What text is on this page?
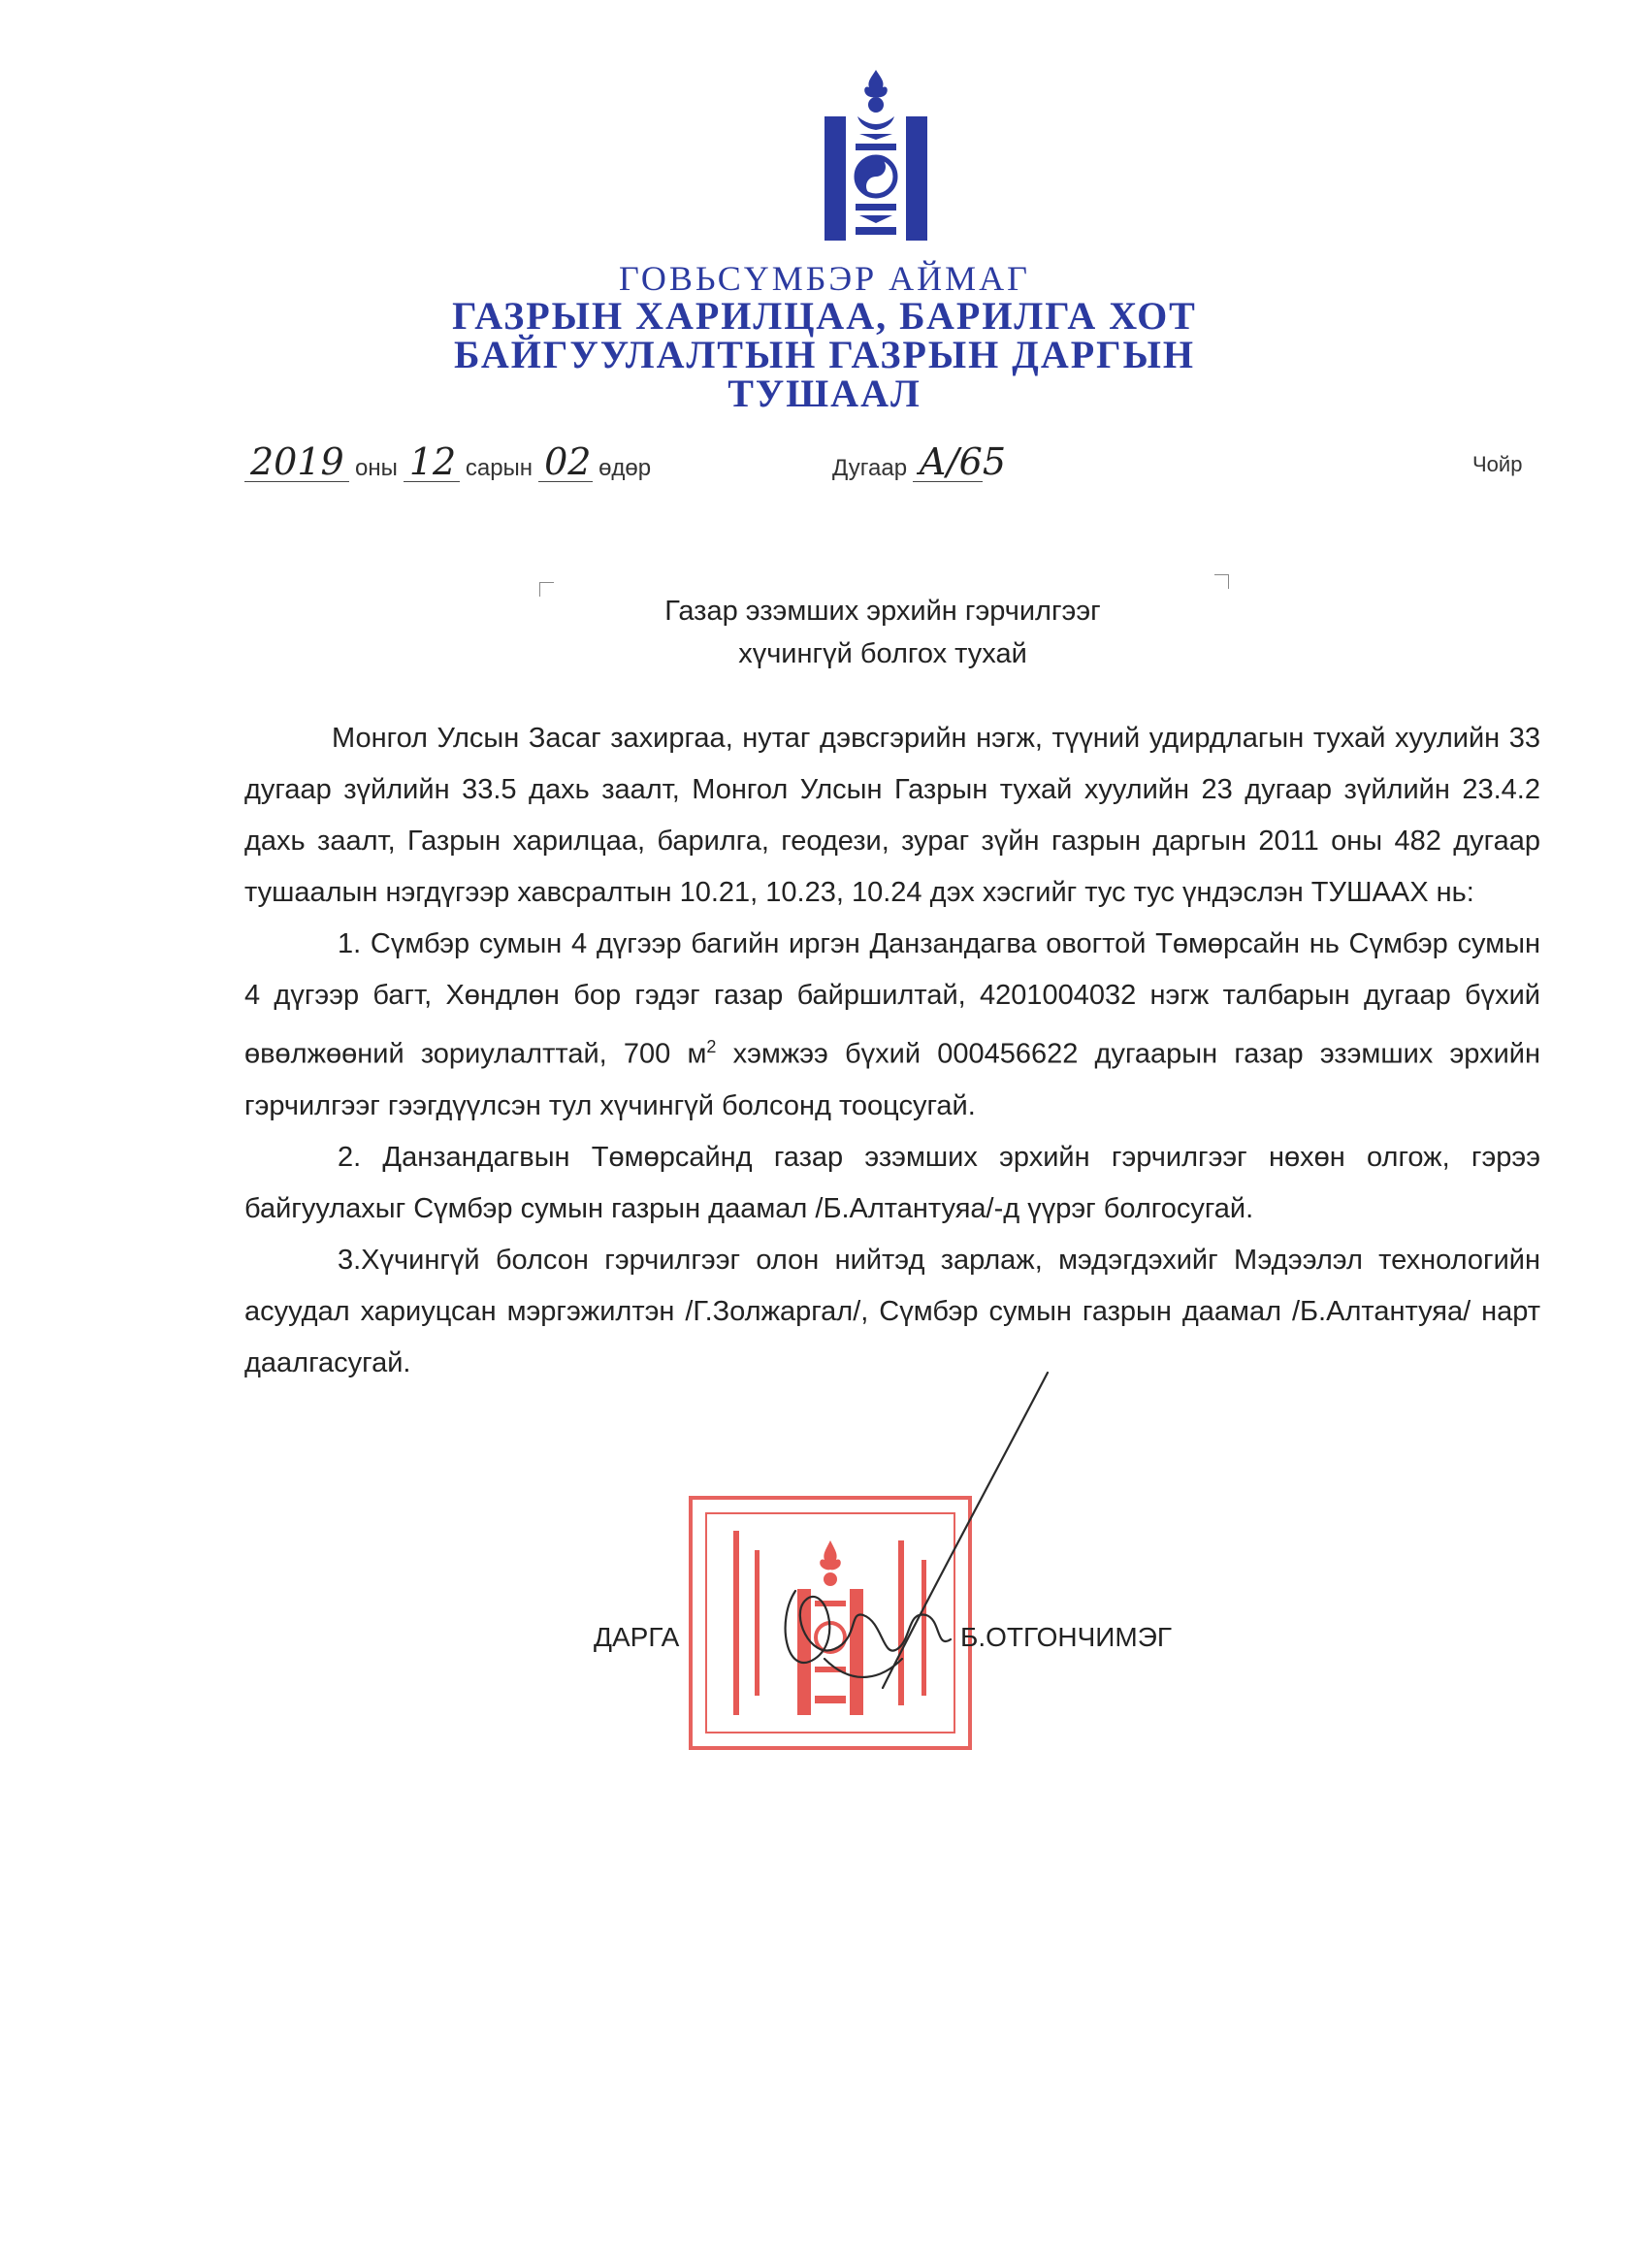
ГОВЬСҮМБЭР АЙМАГ
ГАЗРЫН ХАРИЛЦАА, БАРИЛГА ХОТ
БАЙГУУЛАЛТЫН ГАЗРЫН ДАРГЫН
ТУШААЛ
2019 оны 12 сарын 02 өдөр	Дугаар А/65	Чойр
Газар эзэмших эрхийн гэрчилгээг
хүчингүй болгох тухай

Монгол Улсын Засаг захиргаа, нутаг дэвсгэрийн нэгж, түүний удирдлагын тухай хуулийн 33 дугаар зүйлийн 33.5 дахь заалт, Монгол Улсын Газрын тухай хуулийн 23 дугаар зүйлийн 23.4.2 дахь заалт, Газрын харилцаа, барилга, геодези, зураг зүйн газрын даргын 2011 оны 482 дугаар тушаалын нэгдүгээр хавсралтын 10.21, 10.23, 10.24 дэх хэсгийг тус тус үндэслэн ТУШААХ нь:

1. Сүмбэр сумын 4 дүгээр багийн иргэн Данзандагва овогтой Төмөрсайн нь Сүмбэр сумын 4 дүгээр багт, Хөндлөн бор гэдэг газар байршилтай, 4201004032 нэгж талбарын дугаар бүхий өвөлжөөний зориулалттай, 700 $м^2$ хэмжээ бүхий 000456622 дугаарын газар эзэмших эрхийн гэрчилгээг гээгдүүлсэн тул хүчингүй болсонд тооцсугай.

2. Данзандагвын Төмөрсайнд газар эзэмших эрхийн гэрчилгээг нөхөн олгож, гэрээ байгуулахыг Сүмбэр сумын газрын даамал /Б.Алтантуяа/-д үүрэг болгосугай.

3.Хүчингүй болсон гэрчилгээг олон нийтэд зарлаж, мэдэгдэхийг Мэдээлэл технологийн асуудал хариуцсан мэргэжилтэн /Г.Золжаргал/, Сүмбэр сумын газрын даамал /Б.Алтантуяа/ нарт даалгасугай.

ДАРГА	Б.ОТГОНЧИМЭГ
